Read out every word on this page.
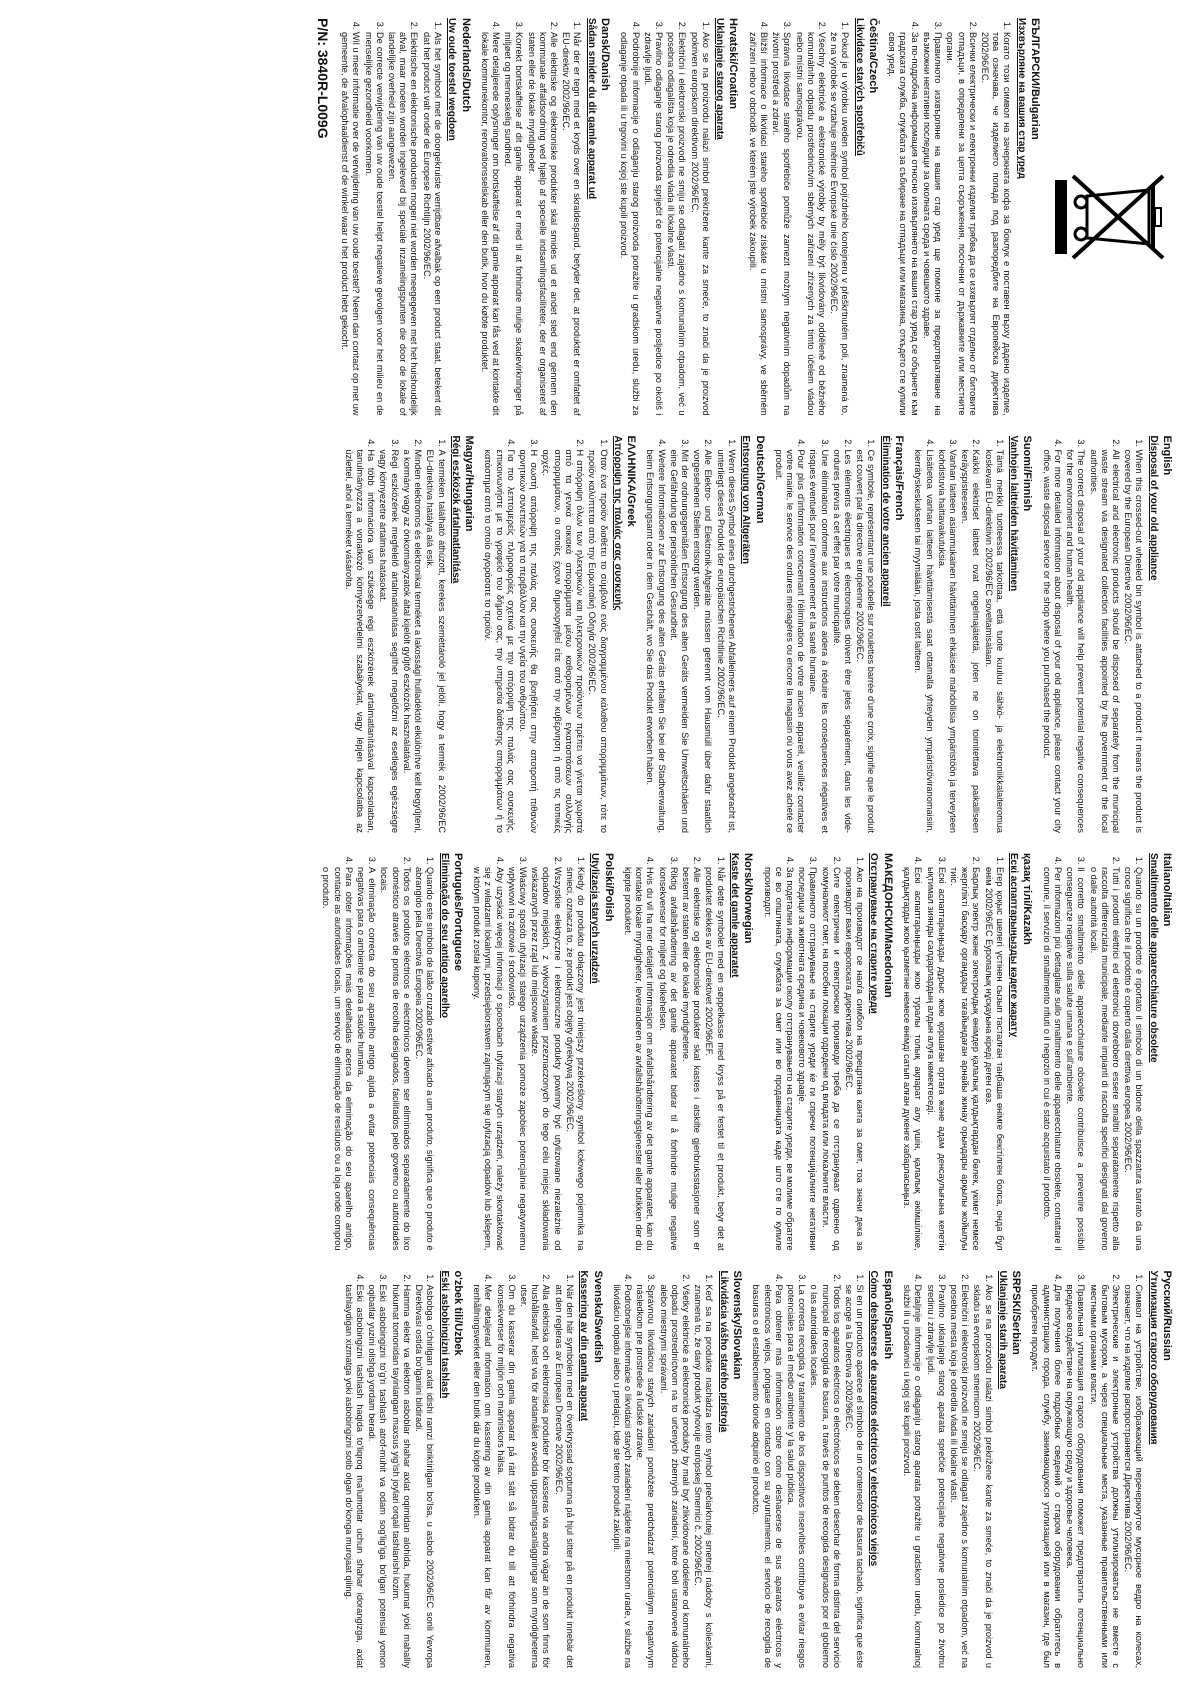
БЪЛГАРСКИ/Bulgarian
Изхвърляне на вашия стар уред
1. Когато този символ на зачеркната кофа за боклук е поставен върху дадено изделие, това означава, че изделието попада под разпоредбите на Европейска директива 2002/96/EC.
2. Всички електрически и електронни изделия трябва да се изхвърлят отделно от битовите отпадъци, в определени за целта съоръжения, посочени от държавните или местните органи.
3. Правилното изхвърляне на вашия стар уред ще помогне за предотвратяване на възможни негативни последици за околната среда и човешкото здраве.
4. За по-подробна информация относно изхвърлянето на вашия стар уред се обърнете към градската служба, службата за събиране на отпадъци или магазина, откъдето сте купили своя уред.
Čeština/Czech
Likvidace starých spotřebičů
1. Pokud je u výrobku uveden symbol pojízdného kontejneru v přeškrtnutém poli, znamená to, že na výrobek se vztahuje směrnice Evropské unie číslo 2002/96/EC.
2. Všechny elektrické a elektronické výrobky by měly být likvidovány odděleně od běžného komunálního odpadu prostřednictvím sběrných zařízení zřízených za tímto účelem vládou nebo místní samosprávou.
3. Správná likvidace starého spotřebiče pomůže zamezit možným negativním dopadům na životní prostředí a zdraví.
4. Bližší informace o likvidaci starého spotřebiče získáte u místní samosprávy, ve sběrném zařízení nebo v obchodě, ve kterém jste výrobek zakoupili.
Hrvatski/Croatian
Uklanjanje starog aparata
1. Ako se na proizvodu nalazi simbol prekrižene kante za smeće, to znači da je proizvod pokriven europskom direktivom 2002/96/EC.
2. Električni i elektronski proizvodi ne smiju se odlagati zajedno s komunalnim otpadom, već u posebna odlagališta koja je odredila vlada ili lokalne vlasti.
3. Pravilno odlaganje starog proizvoda spriječit će potencijalne negativne posljedice po okoliš i zdravlje ljudi.
4. Podrobnije informacije o odlaganju starog proizvoda potražite u gradskom uredu, službi za odlaganje otpada ili u trgovini u kojoj ste kupili proizvod.
Dansk/Danish
Sådan smider du dit gamle apparat ud
1. Når der er tegn med et kryds over en skraldespand, betyder det, at produktet er omfattet af EU-direktiv 2002/96/EC.
2. Alle elektriske og elektroniske produkter skal smides ud et andet sted end gennem den kommunale affaldsordning ved hjælp af specielle indsamlingsfaciliteter, der er organiseret af staten eller de lokale myndigheder.
3. Korrekt bortskaffelse af dit gamle apparat er med til at forhindre mulige skadevirkninger på miljøet og menneskelig sundhed.
4. Mere detaljerede oplysninger om bortskaffelse af dit gamle apparat kan fås ved at kontakte dit lokale kommunekontor, renovationsselskab eller den butik, hvor du købte produktet.
Nederlands/Dutch
Uw oude toestel wegdoen
1. Als het symbool met de doorgekruiste verrijdbare afvalbak op een product staat, betekent dit dat het product valt onder de Europese Richtlijn 2002/96/EC.
2. Elektrische en elektronische producten mogen niet worden meegegeven met het huishoudelijk afval, maar moeten worden ingeleverd bij speciale inzamelingspunten die door de lokale of landelijke overheid zijn aangewezen.
3. De correcte verwijdering van uw oude toestel helpt negatieve gevolgen voor het milieu en de menselijke gezondheid voorkomen.
4. Wil u meer informatie over de verwijdering van uw oude toestel? Neem dan contact op met uw gemeente, de afvalophaaldienst of de winkel waar u het product hebt gekocht.
P/N: 3840R-L009G
English
Disposal of your old appliance
1. When this crossed-out wheeled bin symbol is attached to a product it means the product is covered by the European Directive 2002/96/EC.
2. All electrical and electronic products should be disposed of separately from the municipal waste stream via designated collection facilities appointed by the government or the local authorities.
3. The correct disposal of your old appliance will help prevent potential negative consequences for the environment and human health.
4. For more detailed information about disposal of your old appliance, please contact your city office, waste disposal service or the shop where you purchased the product.
Suomi/Finnish
Vanhojen laitteiden hävittäminen
1. Tämä merkki tuotteessa tarkoittaa, että tuote kuuluu sähkö- ja elektroniikkalaiteromua koskevan EU-direktiivin 2002/96/EC soveltamisalaan.
2. Kaikki elektriset laitteet ovat ongelmajätettä, joten ne on toimitettava paikalliseen keräyspisteeseen.
3. Vanhan laitteen asianmukainen hävittäminen ehkäisee mahdollisia ympäristöön ja terveyteen kohdistuvia haittavaikutuksia.
4. Lisätietoa vanhan laitteen hävittämisestä saat ottamalla yhteyden ympäristöviranomaisiin, kierrätyskeskukseen tai myymälään, josta ostit laitteen.
Français/French
Élimination de votre ancien appareil
1. Ce symbole, représentant une poubelle sur roulettes barrée d'une croix, signifie que le produit est couvert par la directive européenne 2002/96/EC.
2. Les éléments électriques et électroniques doivent être jetés séparément, dans les vide-ordures prévus à cet effet par votre municipalité.
3. Une élimination conforme aux instructions aidera à réduire les conséquences négatives et risques éventuels pour l'environnement et la santé humaine.
4. Pour plus d'information concernant l'élimination de votre ancien appareil, veuillez contacter votre mairie, le service des ordures ménagères ou encore la magasin où vous avez acheté ce produit.
Deutsch/German
Entsorgung von Altgeräten
1. Wenn dieses Symbol eines durchgestrichenen Abfalleimers auf einem Produkt angebracht ist, unterliegt dieses Produkt der europäischen Richtlinie 2002/96/EC.
2. Alle Elektro- und Elektronik-Altgeräte müssen getrennt vom Hausmüll über dafür staatlich vorgesehenen Stellen entsorgt werden.
3. Mit der ordnungsgemäßen Entsorgung des alten Geräts vermeiden Sie Umweltschäden und eine Gefährdung der persönlichen Gesundheit.
4. Weitere Informationen zur Entsorgung des alten Geräts erhalten Sie bei der Stadtverwaltung, beim Entsorgungsamt oder in dem Geschäft, wo Sie das Produkt erworben haben.
ΕΛΛΗΝΙΚΑ/Greek
Απόρριψη της παλιάς σας συσκευής
1. Όταν ένα προϊόν διαθέτει το σύμβολο ενός διαγραμμένου κάλαθου απορριμμάτων, τότε το προϊόν καλύπτεται από την Ευρωπαϊκή Οδηγία 2002/96/EC.
2. Η απόρριψη όλων των ηλεκτρικών και ηλεκτρονικών προϊόντων πρέπει να γίνεται χωριστά από τα γενικά οικιακά απορρίμματα μέσω καθορισμένων εγκαταστάσεων συλλογής απορριμμάτων, οι οποίες έχουν δημιουργηθεί είτε από την κυβέρνηση ή από τις τοπικές αρχές.
3. Η σωστή απόρριψη της παλιάς σας συσκευής θα βοηθήσει στην αποτροπή πιθανών αρνητικών συνεπειών για το περιβάλλον και την υγεία του ανθρώπου.
4. Για πιο λεπτομερείς πληροφορίες σχετικά με την απόρριψη της παλιάς σας συσκευής, επικοινωνήστε με το γραφείο του δήμου σας, την υπηρεσία διάθεσης απορριμμάτων ή το κατάστημα από το οποίο αγοράσατε το προϊόν.
Magyar/Hungarian
Régi eszközök ártalmatlanítása
1. A terméken található áthúzott, kerekes szeméttároló jel jelöli, hogy a termék a 2002/96/EC EU-direktíva hatálya alá esik.
2. Minden elektromos és elektronikai terméket a lakossági hulladéktól elkülönítve kell begyűjteni, a kormány vagy az önkormányzatok által kijelölt gyűjtő eszközök használatával.
3. Régi eszközének megfelelő ártalmatlanítása segíthet megelőzni az esetleges egészségre vagy környezetre ártalmas hatásokat.
4. Ha több információra van szüksége régi eszközének ártalmatlanításával kapcsolatban, tanulmányozza a vonatkozó környezetvédelmi szabályokat, vagy lépjen kapcsolatba az üzlettel, ahol a terméket vásárolta.
Italiano/Italian
Smaltimento delle apparecchiature obsolete
1. Quando su un prodotto è riportato il simbolo di un bidone della spazzatura barrato da una croce significa che il prodotto è coperto dalla direttiva europea 2002/96/EC.
2. Tutti i prodotti elettrici ed elettronici dovrebbero essere smaltiti separatamente rispetto alla raccolta differenziata municipale, mediante impianti di raccolta specifici designati dal governo o dalle autorità locali.
3. Il corretto smaltimento delle apparecchiature obsolete contribuisce a prevenire possibili conseguenze negative sulla salute umana e sull'ambiente.
4. Per informazioni più dettagliate sullo smaltimento delle apparecchiature obsolete, contattare il comune, il servizio di smaltimento rifiuti o il negozio in cui è stato acquistato il prodotto.
қазақ тілі/Kazakh
Ескі аспаптарыңызды кәдеге жарату
1. Егер қоқыс шелегі үстінен сызып тасталған таңбаша өнімге бекітілген болса, онда бұл өнім 2002/96/ЕС Еуропалық нұсқауына кіреді деген сөз.
2. Барлық электр және электрондық өнімдер қалалық қалдықтардан бөлек, үкімет немесе жергілікті басқару органдары тағайындаған арнайы жинау орындары арқылы жойылуы тиіс.
3. Ескі аспаптарыңызды дұрыс жою қоршаған ортаға және адам денсаулығына келетін ықтимал зиянды салдарлардың алдын алуға көмектеседі.
4. Ескі аспаптарыңызды жою туралы толық ақпарат алу үшін, қалалық әкімшілікке, қалдықтарды жою қызметіне немесе өнімді сатып алған дүкенге хабарласыңыз.
МАКЕДОНСКИ/Macedonian
Отстранување на старите уреди
1. Ако на производот се наоѓа симбол на прецртана канта за смет, тоа значи дека за производот важи европската директива 2002/96/EC.
2. Сите електрични и електронски производи треба да се отстрануваат одвоено од комуналниот смет, на посебни локации одредени од владата или локалните власти.
3. Правилното отстранување на старите уреди ќе ги спречи потенцијалните негативни последици за животната средина и човековото здравје.
4. За подетални информации околу отстранувањето на старите уреди, ве молиме обратете се во општината, службата за смет или во продавницата каде што сте го купиле производот.
Norsk/Norwegian
Kaste det gamle apparatet
1. Når dette symbolet med en søppelkasse med kryss på er festet til et produkt, betyr det at produktet dekkes av EU-direktivet 2002/96/EF.
2. Alle elektriske og elektroniske produkter skal kastes i atskilte gjenbruksstasjoner som er bestemt av staten eller de lokale myndighetene.
3. Riktig avfallshåndtering av det gamle apparatet bidrar til å forhindre mulige negative konsekvenser for miljøet og folkehelsen.
4. Hvis du vil ha mer detaljert informasjon om avfallshåndtering av det gamle apparatet, kan du kontakte lokale myndigheter, leverandøren av avfallshåndteringstjenester eller butikken der du kjøpte produktet.
Polski/Polish
Utylizacja starych urządzeń
1. Kiedy do produktu dołączony jest niniejszy przekreślony symbol kołowego pojemnika na śmieci, oznacza to, że produkt jest objęty dyrektywą 2002/96/EC.
2. Wszystkie elektryczne i elektroniczne produkty powinny być utylizowane niezależnie od odpadów miejskich, z wykorzystaniem przeznaczonych do tego celu miejsc składowania wskazanych przez rząd lub miejscowe władze.
3. Właściwy sposób utylizacji starego urządzenia pomoże zapobiec potencjalnie negatywnemu wpływowi na zdrowie i środowisko.
4. Aby uzyskać więcej informacji o sposobach utylizacji starych urządzeń, należy skontaktować się z władzami lokalnymi, przedsiębiorstwem zajmującym się utylizacją odpadów lub sklepem, w którym produkt został kupiony.
Português/Portuguese
Eliminação do seu antigo aparelho
1. Quando este símbolo de latão cruzado estiver afixado a um produto, significa que o produto é abrangido pela Directiva Europeia 2002/96/EC.
2. Todos os produtos eléctricos e electrónicos devem ser eliminados separadamente do lixo doméstico através de pontos de recolha designados, facilitados pelo governo ou autoridades locais.
3. A eliminação correcta do seu aparelho antigo ajuda a evitar potenciais consequências negativas para o ambiente e para a saúde humana.
4. Para obter informações mais detalhadas acerca da eliminação do seu aparelho antigo, contacte as autoridades locais, um serviço de eliminação de resíduos ou a loja onde comprou o produto.
Русский/Russian
Утилизация старого оборудования
1. Символ на устройстве, изображающий перечеркнутое мусорное ведро на колесах, означает, что на изделие распространяется Директива 2002/96/EC.
2. Электрические и электронные устройства должны утилизироваться не вместе с бытовым мусором, а через специальные места, указанные правительственными или местными органами власти.
3. Правильная утилизация старого оборудования поможет предотвратить потенциально вредное воздействие на окружающую среду и здоровье человека.
4. Для получения более подробных сведений о старом оборудовании обратитесь в администрацию города, службу, занимающуюся утилизацией или в магазин, где был приобретен продукт.
SRPSKI/Serbian
Uklanjanje starih aparata
1. Ako se na proizvodu nalazi simbol prekrižene kante za smeće, to znači da je proizvod u skladu sa evropskom smernicom 2002/96/EC.
2. Električni i elektronski proizvodi ne smeju se odlagati zajedno s komunalnim otpadom, već na posebna mesta koja je odredila vlada ili lokalne vlasti.
3. Pravilno uklanjanje starog aparata sprečiće potencijalne negativne posledice po životnu sredinu i zdravlje ljudi.
4. Detaljnije informacije o odlaganju starog aparata potražite u gradskom uredu, komunalnoj službi ili u prodavnici u kojoj ste kupili proizvod.
Español/Spanish
Cómo deshacerse de aparatos eléctricos y electrónicos viejos
1. Si en un producto aparece el símbolo de un contenedor de basura tachado, significa que éste se acoge a la Directiva 2002/96/EC.
2. Todos los aparatos eléctricos o electrónicos se deben desechar de forma distinta del servicio municipal de recogida de basura, a través de puntos de recogida designados por el gobierno o las autoridades locales.
3. La correcta recogida y tratamiento de los dispositivos inservibles contribuye a evitar riesgos potenciales para el medio ambiente y la salud pública.
4. Para obtener más información sobre cómo deshacerse de sus aparatos eléctricos y electrónicos viejos, póngase en contacto con su ayuntamiento, el servicio de recogida de basuras o el establecimiento donde adquirió el producto.
Slovensky/Slovakian
Likvidácia vášho starého prístroja
1. Keď sa na produkte nachádza tento symbol prečiarknutej smetnej nádoby s kolieskami, znamená to, že daný produkt vyhovuje európskej Smernici č. 2002/96/EC.
2. Všetky elektrické a elektronické produkty by mali byť zlikvidované oddelene od komunálneho odpadu prostredníctvom na to určených zberných zariadení, ktoré boli ustanovené vládou alebo miestnymi správami.
3. Správnou likvidáciou starých zariadení pomôžete predchádzať potenciálnym negatívnym následkom pre prostredie a ľudské zdravie.
4. Podrobnejšie informácie o likvidácii starých zariadení nájdete na miestnom úrade, v službe na likvidáciu odpadu alebo u predajcu, kde ste tento produkt zakúpili.
Svenska/Swedish
Kassering av din gamla apparat
1. När den här symbolen med en överkryssad soptunna på hjul sitter på en produkt innebär det att den regleras av European Directive 2002/96/EC.
2. Alla elektriska och elektroniska produkter bör kasseras via andra vägar än de som finns för hushållsavfall, helst via för ändamålet avsedda uppsamlingsanläggningar som myndigheterna utser.
3. Om du kasserar din gamla apparat på rätt sätt så bidrar du till att förhindra negativa konsekvenser för miljön och människors hälsa.
4. Mer detaljerad information om kassering av din gamla apparat kan får av kommunen, renhållningsverket eller den butik där du köpte produkten.
o'zbek tili/Uzbek
Eski asbobingizni tashlash
1. Asbobga o'chirilgan axlat idishi ramzi biriktirilgan bo'lsa, u asbob 2002/96/EC sonli Yevropa Direktivasi ostida bo'lganini bildiradi.
2. Hamma elektr va elektron asboblar shahar axlat oqimidan alohida, hukumat yoki mahalliy hukumat tomonidan tayinlangan maxsus yig'ish joylari orqali tashlanishi lozim.
3. Eski asbobingizni to'g'ri tashlash atrof-muhit va odam sog'lig'iga bo'lgan potensial yomon oqibatlar yuzini olishga yordam beradi.
4. Eski asbobingizni tashlash haqida to'liqroq ma'lumotlar uchun shahar idorangizga, axlat tashlaydigan xizmatga yoki asbobingizni sotib olgan do'konga murojaat qiling.
